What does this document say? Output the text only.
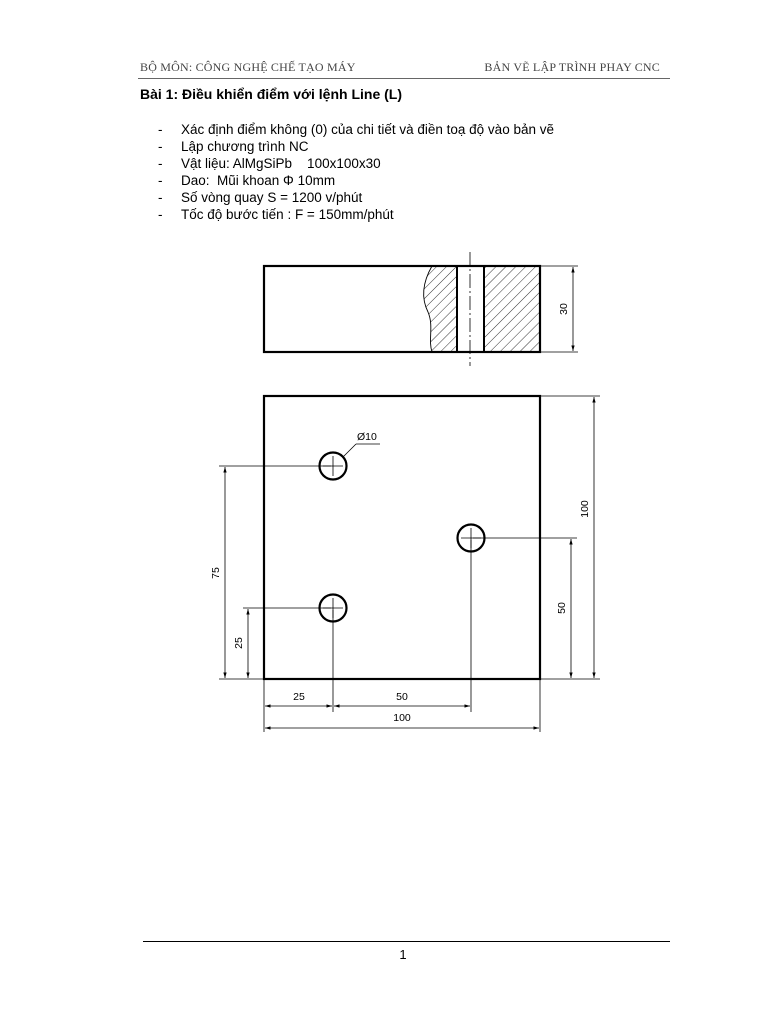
BỘ MÔN: CÔNG NGHỆ CHẾ TẠO MÁY	BẢN VẼ LẬP TRÌNH PHAY CNC
Bài 1: Điều khiển điểm với lệnh Line (L)
- Xác định điểm không (0) của chi tiết và điền toạ độ vào bản vẽ
- Lập chương trình NC
- Vật liệu: AlMgSiPb    100x100x30
- Dao:  Mũi khoan Φ 10mm
- Số vòng quay S = 1200 v/phút
- Tốc độ bước tiến : F = 150mm/phút
30
Ø10
75
25
100
50
25	50
100
1
